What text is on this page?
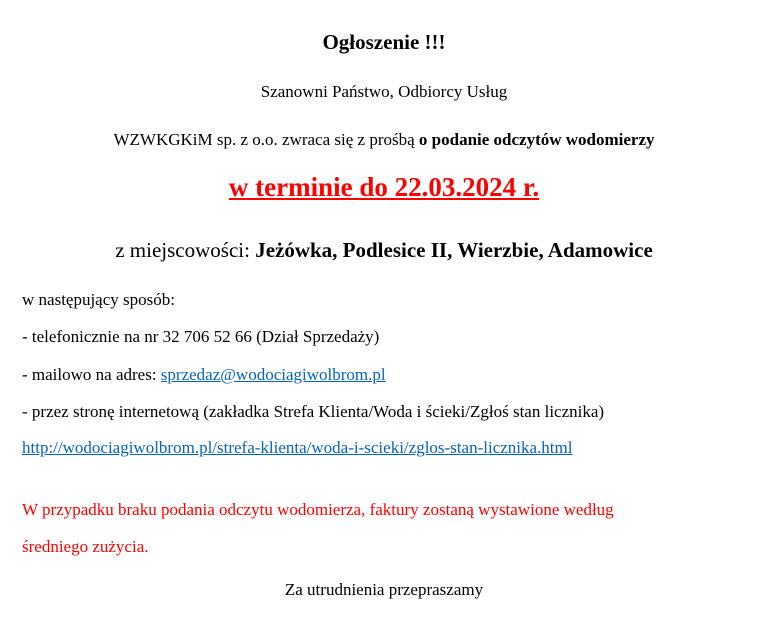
Ogłoszenie !!!
Szanowni Państwo, Odbiorcy Usług
WZWKGKiM sp. z o.o. zwraca się z prośbą o podanie odczytów wodomierzy
w terminie do 22.03.2024 r.
z miejscowości: Jeżówka, Podlesice II, Wierzbie, Adamowice
w następujący sposób:
- telefonicznie na nr 32 706 52 66 (Dział Sprzedaży)
- mailowo na adres: sprzedaz@wodociagiwolbrom.pl
- przez stronę internetową (zakładka Strefa Klienta/Woda i ścieki/Zgłoś stan licznika)
http://wodociagiwolbrom.pl/strefa-klienta/woda-i-scieki/zglos-stan-licznika.html
W przypadku braku podania odczytu wodomierza, faktury zostaną wystawione według
średniego zużycia.
Za utrudnienia przepraszamy
